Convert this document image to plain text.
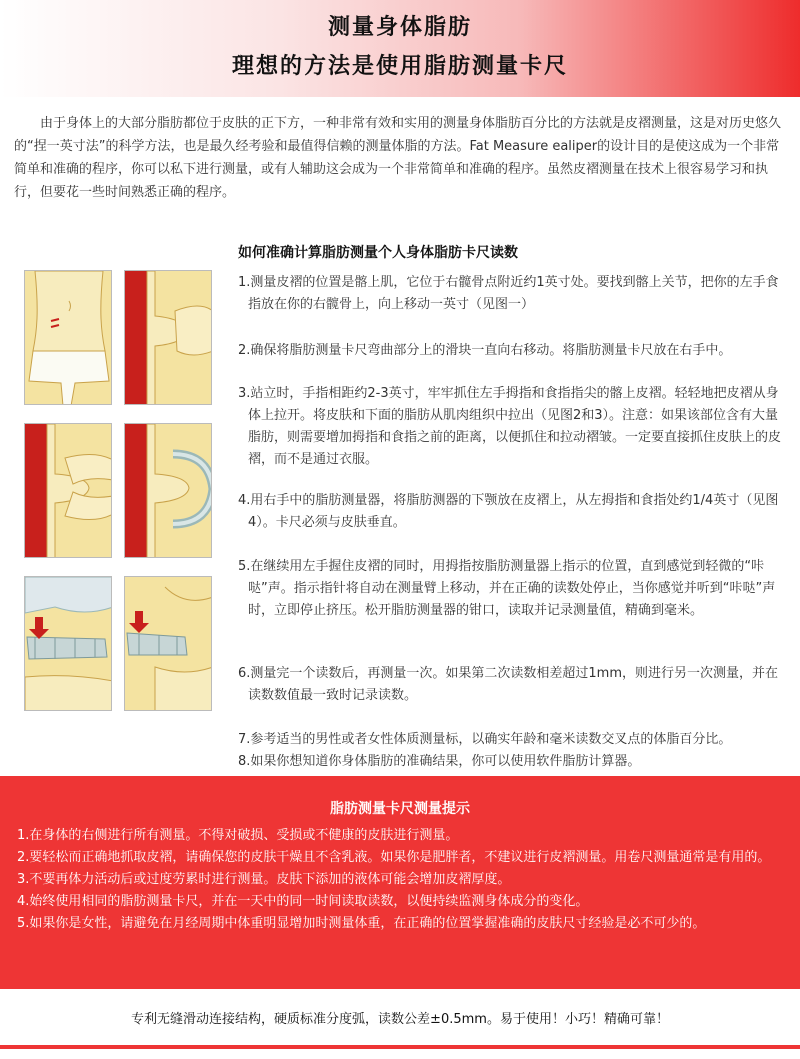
测量身体脂肪
理想的方法是使用脂肪测量卡尺

由于身体上的大部分脂肪都位于皮肤的正下方，一种非常有效和实用的测量身体脂肪百分比的方法就是皮褶测量，这是对历史悠久的“捏一英寸法”的科学方法，也是最久经考验和最值得信赖的测量体脂的方法。Fat Measure ealiper的设计目的是使这成为一个非常简单和准确的程序，你可以私下进行测量，或有人辅助这会成为一个非常简单和准确的程序。虽然皮褶测量在技术上很容易学习和执行，但要花一些时间熟悉正确的程序。

如何准确计算脂肪测量个人身体脂肪卡尺读数

1.测量皮褶的位置是髂上肌，它位于右髋骨点附近约1英寸处。要找到髂上关节，把你的左手食指放在你的右髋骨上，向上移动一英寸（见图一）

2.确保将脂肪测量卡尺弯曲部分上的滑块一直向右移动。将脂肪测量卡尺放在右手中。

3.站立时，手指相距约2-3英寸，牢牢抓住左手拇指和食指指尖的髂上皮褶。轻轻地把皮褶从身体上拉开。将皮肤和下面的脂肪从肌肉组织中拉出（见图2和3）。注意：如果该部位含有大量脂肪，则需要增加拇指和食指之前的距离，以便抓住和拉动褶皱。一定要直接抓住皮肤上的皮褶，而不是通过衣服。

4.用右手中的脂肪测量器，将脂肪测器的下颚放在皮褶上，从左拇指和食指处约1/4英寸（见图4）。卡尺必须与皮肤垂直。

5.在继续用左手握住皮褶的同时，用拇指按脂肪测量器上指示的位置，直到感觉到轻微的“咔哒”声。指示指针将自动在测量臂上移动，并在正确的读数处停止，当你感觉并听到“咔哒”声时，立即停止挤压。松开脂肪测量器的钳口，读取并记录测量值，精确到毫米。

6.测量完一个读数后，再测量一次。如果第二次读数相差超过1mm，则进行另一次测量，并在读数数值最一致时记录读数。

7.参考适当的男性或者女性体质测量标，以确实年龄和毫米读数交叉点的体脂百分比。

8.如果你想知道你身体脂肪的准确结果，你可以使用软件脂肪计算器。

脂肪测量卡尺测量提示
1.在身体的右侧进行所有测量。不得对破损、受损或不健康的皮肤进行测量。
2.要轻松而正确地抓取皮褶，请确保您的皮肤干燥且不含乳液。如果你是肥胖者，不建议进行皮褶测量。用卷尺测量通常是有用的。
3.不要再体力活动后或过度劳累时进行测量。皮肤下添加的液体可能会增加皮褶厚度。
4.始终使用相同的脂肪测量卡尺，并在一天中的同一时间读取读数，以便持续监测身体成分的变化。
5.如果你是女性，请避免在月经周期中体重明显增加时测量体重，在正确的位置掌握准确的皮肤尺寸经验是必不可少的。
专利无缝滑动连接结构，硬质标准分度弧，读数公差±0.5mm。易于使用！小巧！精确可靠！
